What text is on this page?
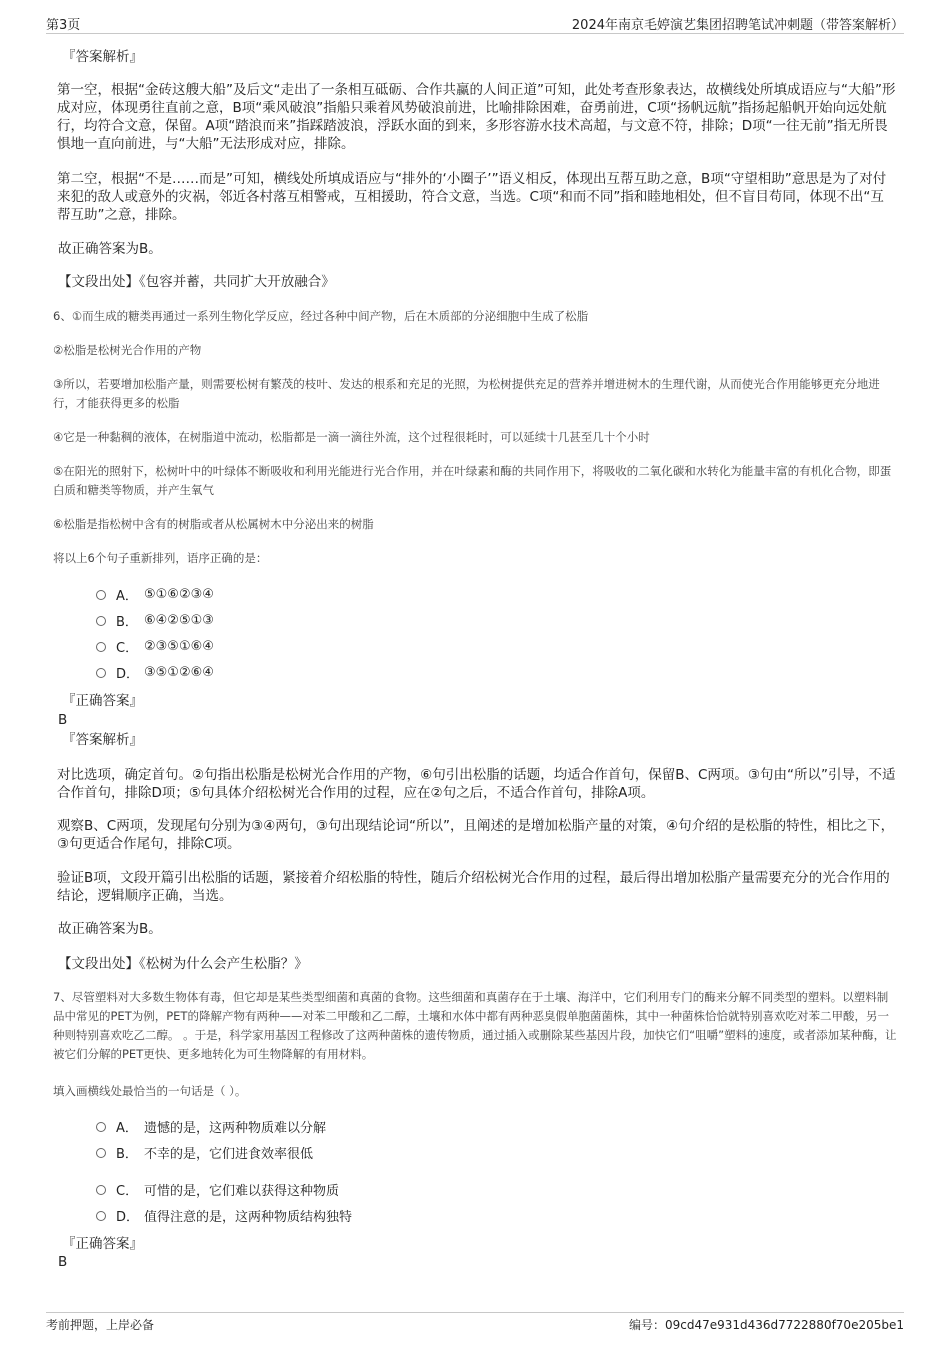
第3页	2024年南京毛婷演艺集团招聘笔试冲刺题（带答案解析）
『答案解析』
第一空，根据“金砖这艘大船”及后文“走出了一条相互砥砺、合作共赢的人间正道”可知，此处考查形象表达，故横线处所填成语应与“大船”形成对应，体现勇往直前之意，B项“乘风破浪”指船只乘着风势破浪前进，比喻排除困难，奋勇前进，C项“扬帆远航”指扬起船帆开始向远处航行，均符合文意，保留。A项“踏浪而来”指踩踏波浪，浮跃水面的到来，多形容游水技术高超，与文意不符，排除；D项“一往无前”指无所畏惧地一直向前进，与“大船”无法形成对应，排除。
第二空，根据“不是……而是”可知，横线处所填成语应与“排外的‘小圈子’”语义相反，体现出互帮互助之意，B项“守望相助”意思是为了对付来犯的敌人或意外的灾祸，邻近各村落互相警戒，互相援助，符合文意，当选。C项“和而不同”指和睦地相处，但不盲目苟同，体现不出“互帮互助”之意，排除。
故正确答案为B。
【文段出处】《包容并蓄，共同扩大开放融合》
6、①而生成的糖类再通过一系列生物化学反应，经过各种中间产物，后在木质部的分泌细胞中生成了松脂
②松脂是松树光合作用的产物
③所以，若要增加松脂产量，则需要松树有繁茂的枝叶、发达的根系和充足的光照，为松树提供充足的营养并增进树木的生理代谢，从而使光合作用能够更充分地进行，才能获得更多的松脂
④它是一种黏稠的液体，在树脂道中流动，松脂都是一滴一滴往外流，这个过程很耗时，可以延续十几甚至几十个小时
⑤在阳光的照射下，松树叶中的叶绿体不断吸收和利用光能进行光合作用，并在叶绿素和酶的共同作用下，将吸收的二氧化碳和水转化为能量丰富的有机化合物，即蛋白质和糖类等物质，并产生氧气
⑥松脂是指松树中含有的树脂或者从松属树木中分泌出来的树脂
将以上6个句子重新排列，语序正确的是：
A． ⑤①⑥②③④
B． ⑥④②⑤①③
C． ②③⑤①⑥④
D． ③⑤①②⑥④
『正确答案』
B
『答案解析』
对比选项，确定首句。②句指出松脂是松树光合作用的产物，⑥句引出松脂的话题，均适合作首句，保留B、C两项。③句由“所以”引导，不适合作首句，排除D项；⑤句具体介绍松树光合作用的过程，应在②句之后，不适合作首句，排除A项。
观察B、C两项，发现尾句分别为③④两句，③句出现结论词“所以”，且阐述的是增加松脂产量的对策，④句介绍的是松脂的特性，相比之下，③句更适合作尾句，排除C项。
验证B项，文段开篇引出松脂的话题，紧接着介绍松脂的特性，随后介绍松树光合作用的过程，最后得出增加松脂产量需要充分的光合作用的结论，逻辑顺序正确，当选。
故正确答案为B。
【文段出处】《松树为什么会产生松脂？》
7、尽管塑料对大多数生物体有毒，但它却是某些类型细菌和真菌的食物。这些细菌和真菌存在于土壤、海洋中，它们利用专门的酶来分解不同类型的塑料。以塑料制品中常见的PET为例，PET的降解产物有两种——对苯二甲酸和乙二醇，土壤和水体中都有两种恶臭假单胞菌菌株，其中一种菌株恰恰就特别喜欢吃对苯二甲酸，另一种则特别喜欢吃乙二醇。 。于是，科学家用基因工程修改了这两种菌株的遗传物质，通过插入或删除某些基因片段，加快它们“咀嚼”塑料的速度，或者添加某种酶，让被它们分解的PET更快、更多地转化为可生物降解的有用材料。
填入画横线处最恰当的一句话是（ ）。
A． 遗憾的是，这两种物质难以分解
B． 不幸的是，它们进食效率很低
C． 可惜的是，它们难以获得这种物质
D． 值得注意的是，这两种物质结构独特
『正确答案』
B
考前押题，上岸必备	编号：09cd47e931d436d7722880f70e205be1
